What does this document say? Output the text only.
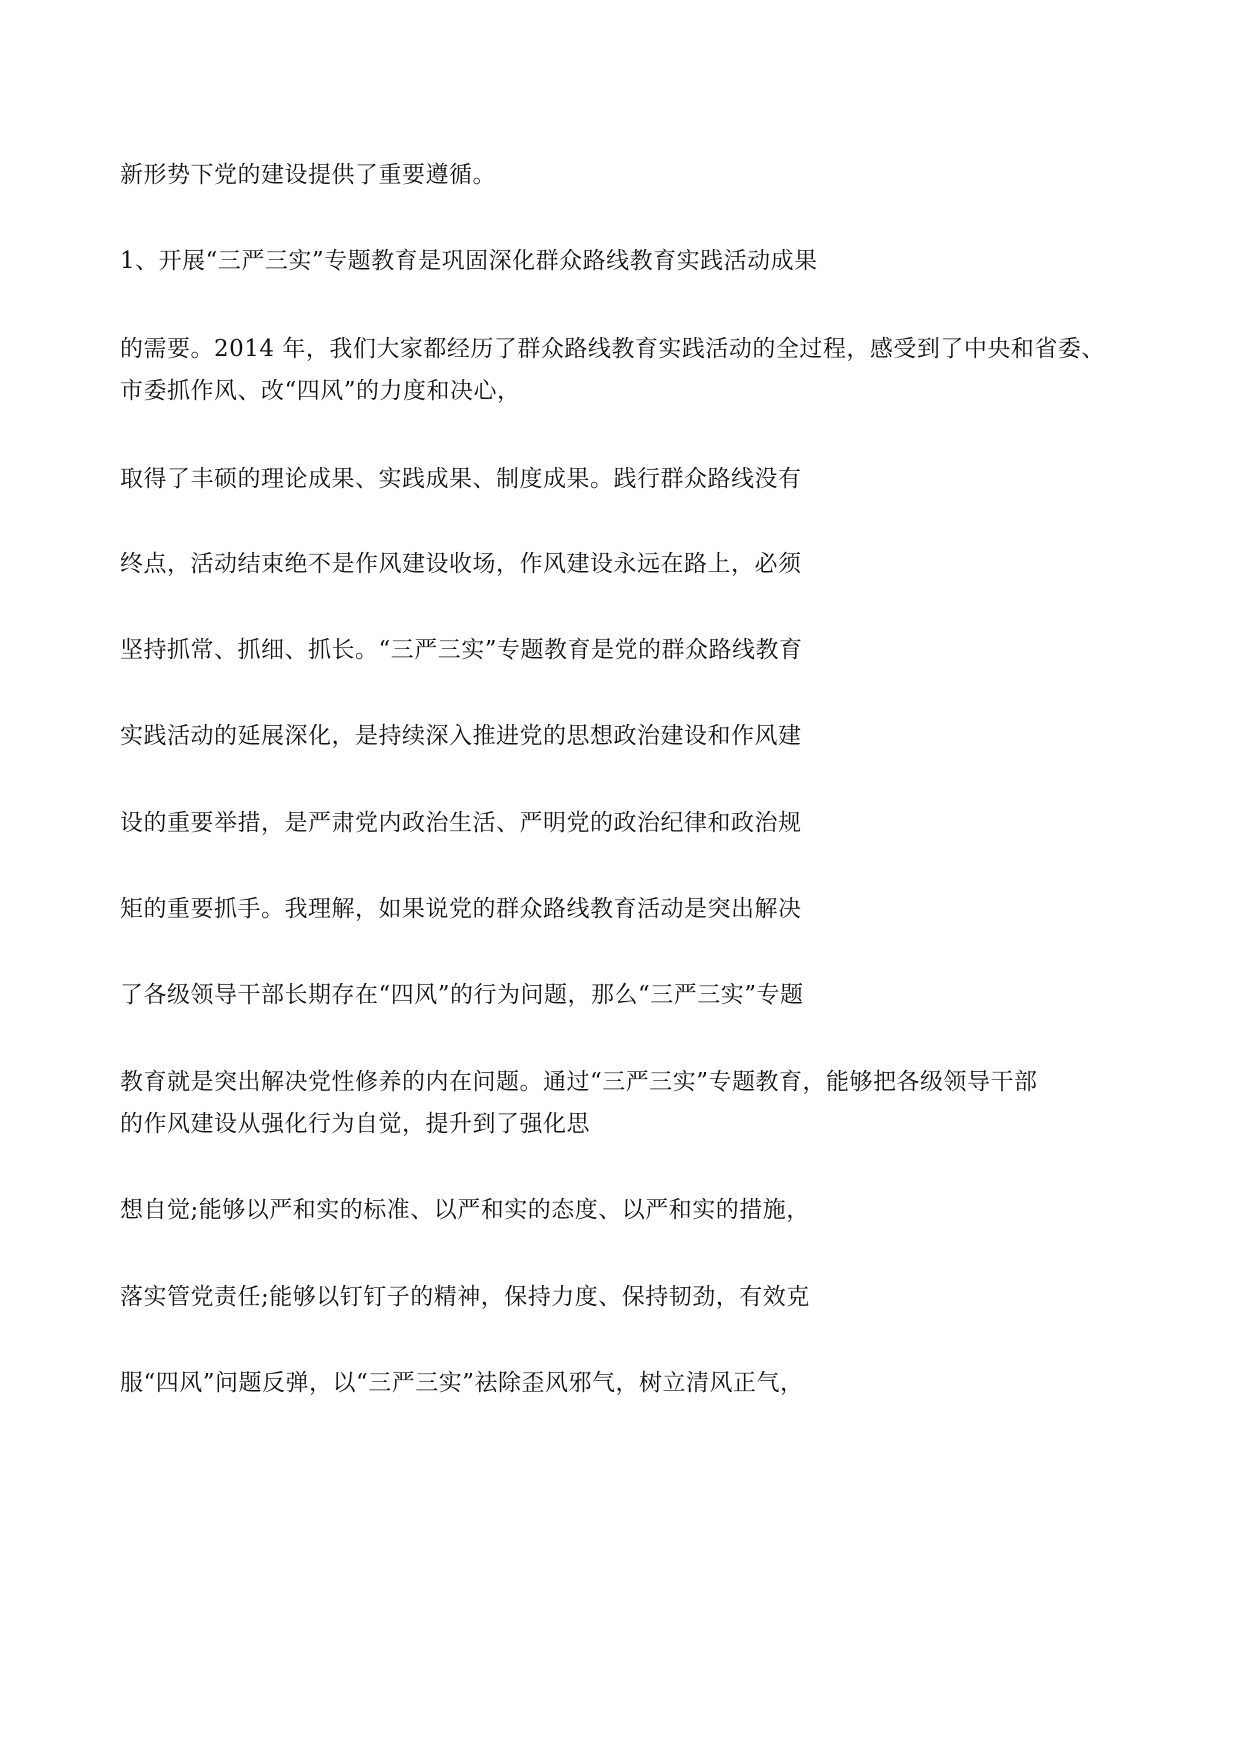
新形势下党的建设提供了重要遵循。

1、开展“三严三实”专题教育是巩固深化群众路线教育实践活动成果

的需要。2014 年，我们大家都经历了群众路线教育实践活动的全过程，感受到了中央和省委、

市委抓作风、改“四风”的力度和决心，

取得了丰硕的理论成果、实践成果、制度成果。践行群众路线没有

终点，活动结束绝不是作风建设收场，作风建设永远在路上，必须

坚持抓常、抓细、抓长。“三严三实”专题教育是党的群众路线教育

实践活动的延展深化，是持续深入推进党的思想政治建设和作风建

设的重要举措，是严肃党内政治生活、严明党的政治纪律和政治规

矩的重要抓手。我理解，如果说党的群众路线教育活动是突出解决

了各级领导干部长期存在“四风”的行为问题，那么“三严三实”专题

教育就是突出解决党性修养的内在问题。通过“三严三实”专题教育，能够把各级领导干部

的作风建设从强化行为自觉，提升到了强化思

想自觉;能够以严和实的标准、以严和实的态度、以严和实的措施，

落实管党责任;能够以钉钉子的精神，保持力度、保持韧劲，有效克

服“四风”问题反弹，以“三严三实”祛除歪风邪气，树立清风正气，
